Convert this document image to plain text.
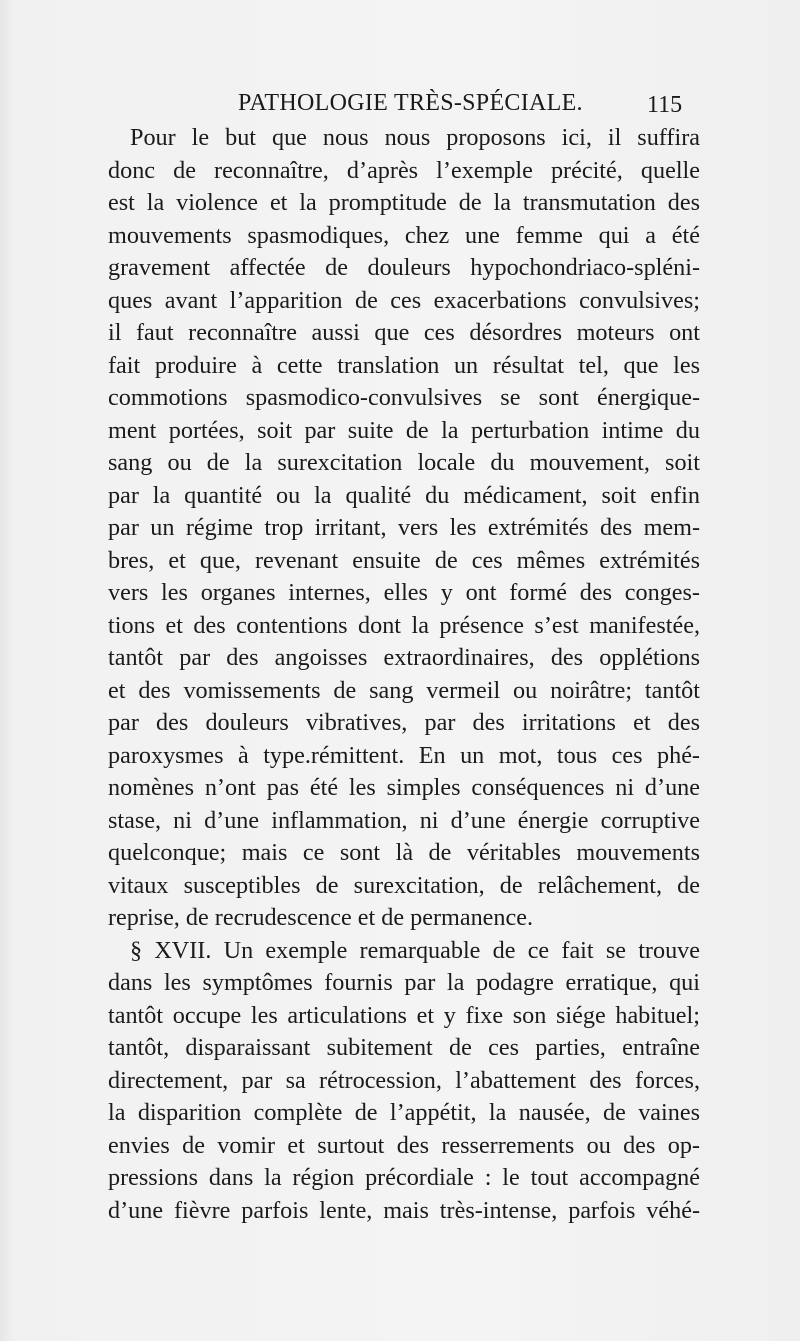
PATHOLOGIE TRÈS-SPÉCIALE.	115
Pour le but que nous nous proposons ici, il suffira
donc de reconnaître, d’après l’exemple précité, quelle
est la violence et la promptitude de la transmutation des
mouvements spasmodiques, chez une femme qui a été
gravement affectée de douleurs hypochondriaco-spléni-
ques avant l’apparition de ces exacerbations convulsives;
il faut reconnaître aussi que ces désordres moteurs ont
fait produire à cette translation un résultat tel, que les
commotions spasmodico-convulsives se sont énergique-
ment portées, soit par suite de la perturbation intime du
sang ou de la surexcitation locale du mouvement, soit
par la quantité ou la qualité du médicament, soit enfin
par un régime trop irritant, vers les extrémités des mem-
bres, et que, revenant ensuite de ces mêmes extrémités
vers les organes internes, elles y ont formé des conges-
tions et des contentions dont la présence s’est manifestée,
tantôt par des angoisses extraordinaires, des opplétions
et des vomissements de sang vermeil ou noirâtre; tantôt
par des douleurs vibratives, par des irritations et des
paroxysmes à type.rémittent. En un mot, tous ces phé-
nomènes n’ont pas été les simples conséquences ni d’une
stase, ni d’une inflammation, ni d’une énergie corruptive
quelconque; mais ce sont là de véritables mouvements
vitaux susceptibles de surexcitation, de relâchement, de
reprise, de recrudescence et de permanence.
§ XVII. Un exemple remarquable de ce fait se trouve
dans les symptômes fournis par la podagre erratique, qui
tantôt occupe les articulations et y fixe son siége habituel;
tantôt, disparaissant subitement de ces parties, entraîne
directement, par sa rétrocession, l’abattement des forces,
la disparition complète de l’appétit, la nausée, de vaines
envies de vomir et surtout des resserrements ou des op-
pressions dans la région précordiale : le tout accompagné
d’une fièvre parfois lente, mais très-intense, parfois véhé-
